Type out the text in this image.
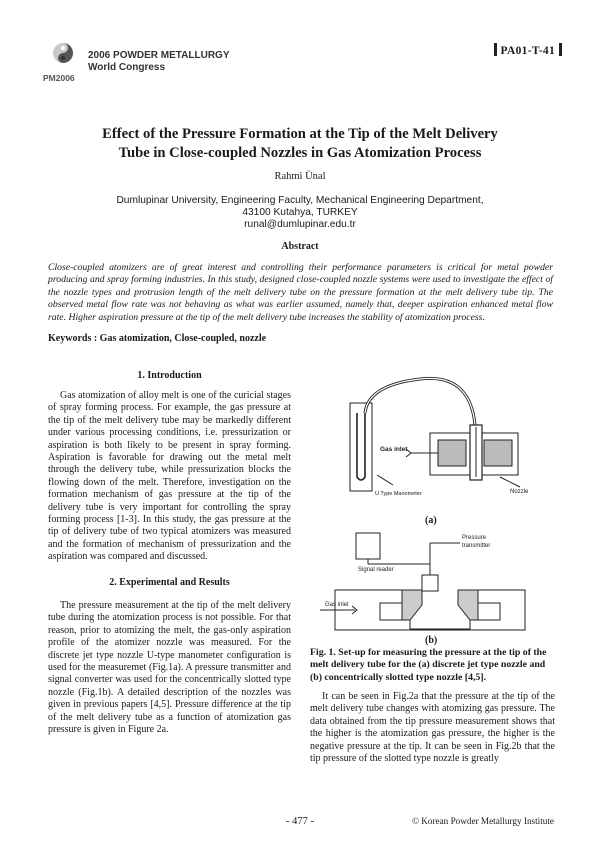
PM2006
2006 POWDER METALLURGY
World Congress
PA01-T-41
Effect of the Pressure Formation at the Tip of the Melt Delivery
Tube in Close-coupled Nozzles in Gas Atomization Process
Rahmi Ünal
Dumlupinar University, Engineering Faculty, Mechanical Engineering Department,
43100 Kutahya, TURKEY
runal@dumlupinar.edu.tr
Abstract
Close-coupled atomizers are of great interest and controlling their performance parameters is critical for metal powder producing and spray forming industries. In this study, designed close-coupled nozzle systems were used to investigate the effect of the nozzle types and protrusion length of the melt delivery tube on the pressure formation at the melt delivery tube tip. The observed metal flow rate was not behaving as what was earlier assumed, namely that, deeper aspiration enhanced metal flow rate. Higher aspiration pressure at the tip of the melt delivery tube increases the stability of atomization process.
Keywords : Gas atomization, Close-coupled, nozzle
1. Introduction

Gas atomization of alloy melt is one of the curicial stages of spray forming process. For example, the gas pressure at the tip of the melt delivery tube may be markedly different under various processing conditions, i.e. pressurization or aspiration is both likely to be present in spray forming. Aspiration is favorable for drawing out the metal melt through the delivery tube, while pressurization blocks the flowing down of the melt. Therefore, investigation on the formation mechanism of gas pressure at the tip of the delivery tube is very important for controlling the spray forming process [1-3]. In this study, the gas pressure at the tip of delivery tube of two typical atomizers was measured and the formation of mechanism of pressurization and the aspiration was compared and discussed.

2. Experimental and Results

The pressure measurement at the tip of the melt delivery tube during the atomization process is not possible. For that reason, prior to atomizing the melt, the gas-only aspiration profile of the atomizer nozzle was measured. For the discrete jet type nozzle U-type manometer configuration is used for the measuremet (Fig.1a). A pressure transmitter and signal converter was used for the concentrically slotted type nozzle (Fig.1b). A detailed description of the nozzles was given in previous papers [4,5]. Pressure difference at the tip of the melt delivery tube as a function of atomization gas pressure is given in Figure 2a.

Gas inlet
U Type Manometer	Nozzle
Pressure
transmitter
Signal reader
Gas inlet
(a)
(b)
Fig. 1. Set-up for measuring the pressure at the tip of the melt delivery tube for the (a) discrete jet type nozzle and (b) concentrically slotted type nozzle [4,5].

It can be seen in Fig.2a that the pressure at the tip of the melt delivery tube changes with atomizing gas pressure. The data obtained from the tip pressure measurement shows that the higher is the atomization gas pressure, the higher is the negative pressure at the tip. It can be seen in Fig.2b that the tip pressure of the slotted type nozzle is greatly

- 477 -	© Korean Powder Metallurgy Institute
